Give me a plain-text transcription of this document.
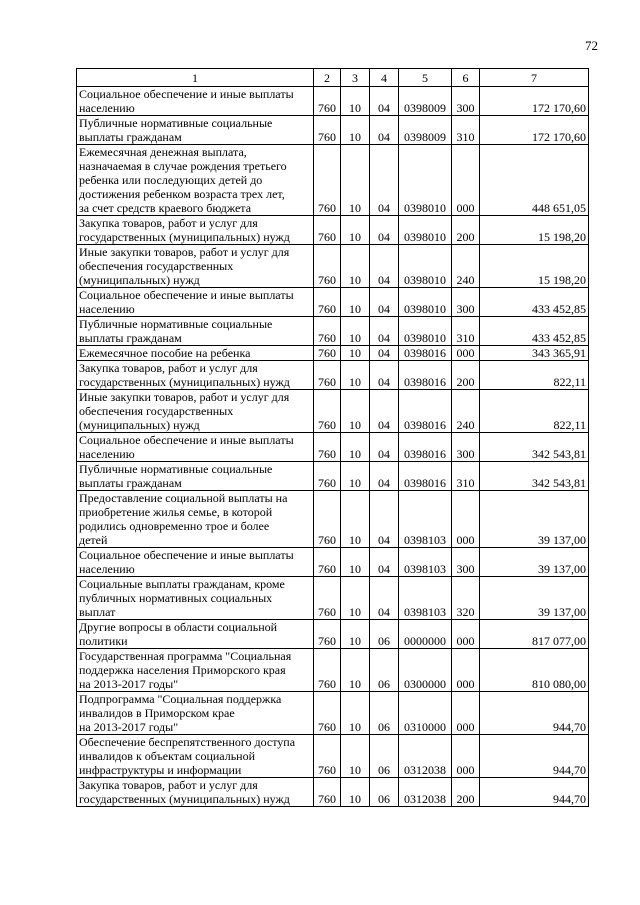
72
1	2	3	4	5	6	7

Социальное обеспечение и иные выплаты
населению	760	10	04	0398009	300	172 170,60

Публичные нормативные социальные
выплаты гражданам	760	10	04	0398009	310	172 170,60

Ежемесячная денежная выплата,
назначаемая в случае рождения третьего
ребенка или последующих детей до
достижения ребенком возраста трех лет,
за счет средств краевого бюджета	760	10	04	0398010	000	448 651,05

Закупка товаров, работ и услуг для
государственных (муниципальных) нужд	760	10	04	0398010	200	15 198,20

Иные закупки товаров, работ и услуг для
обеспечения государственных
(муниципальных) нужд	760	10	04	0398010	240	15 198,20

Социальное обеспечение и иные выплаты
населению	760	10	04	0398010	300	433 452,85

Публичные нормативные социальные
выплаты гражданам	760	10	04	0398010	310	433 452,85

Ежемесячное пособие на ребенка	760	10	04	0398016	000	343 365,91

Закупка товаров, работ и услуг для
государственных (муниципальных) нужд	760	10	04	0398016	200	822,11

Иные закупки товаров, работ и услуг для
обеспечения государственных
(муниципальных) нужд	760	10	04	0398016	240	822,11

Социальное обеспечение и иные выплаты
населению	760	10	04	0398016	300	342 543,81

Публичные нормативные социальные
выплаты гражданам	760	10	04	0398016	310	342 543,81

Предоставление социальной выплаты на
приобретение жилья семье, в которой
родились одновременно трое и более
детей	760	10	04	0398103	000	39 137,00

Социальное обеспечение и иные выплаты
населению	760	10	04	0398103	300	39 137,00

Социальные выплаты гражданам, кроме
публичных нормативных социальных
выплат	760	10	04	0398103	320	39 137,00

Другие вопросы в области социальной
политики	760	10	06	0000000	000	817 077,00

Государственная программа "Социальная
поддержка населения Приморского края
на 2013-2017 годы"	760	10	06	0300000	000	810 080,00

Подпрограмма "Социальная поддержка
инвалидов в Приморском крае
на 2013-2017 годы"	760	10	06	0310000	000	944,70

Обеспечение беспрепятственного доступа
инвалидов к объектам социальной
инфраструктуры и информации	760	10	06	0312038	000	944,70

Закупка товаров, работ и услуг для
государственных (муниципальных) нужд	760	10	06	0312038	200	944,70
